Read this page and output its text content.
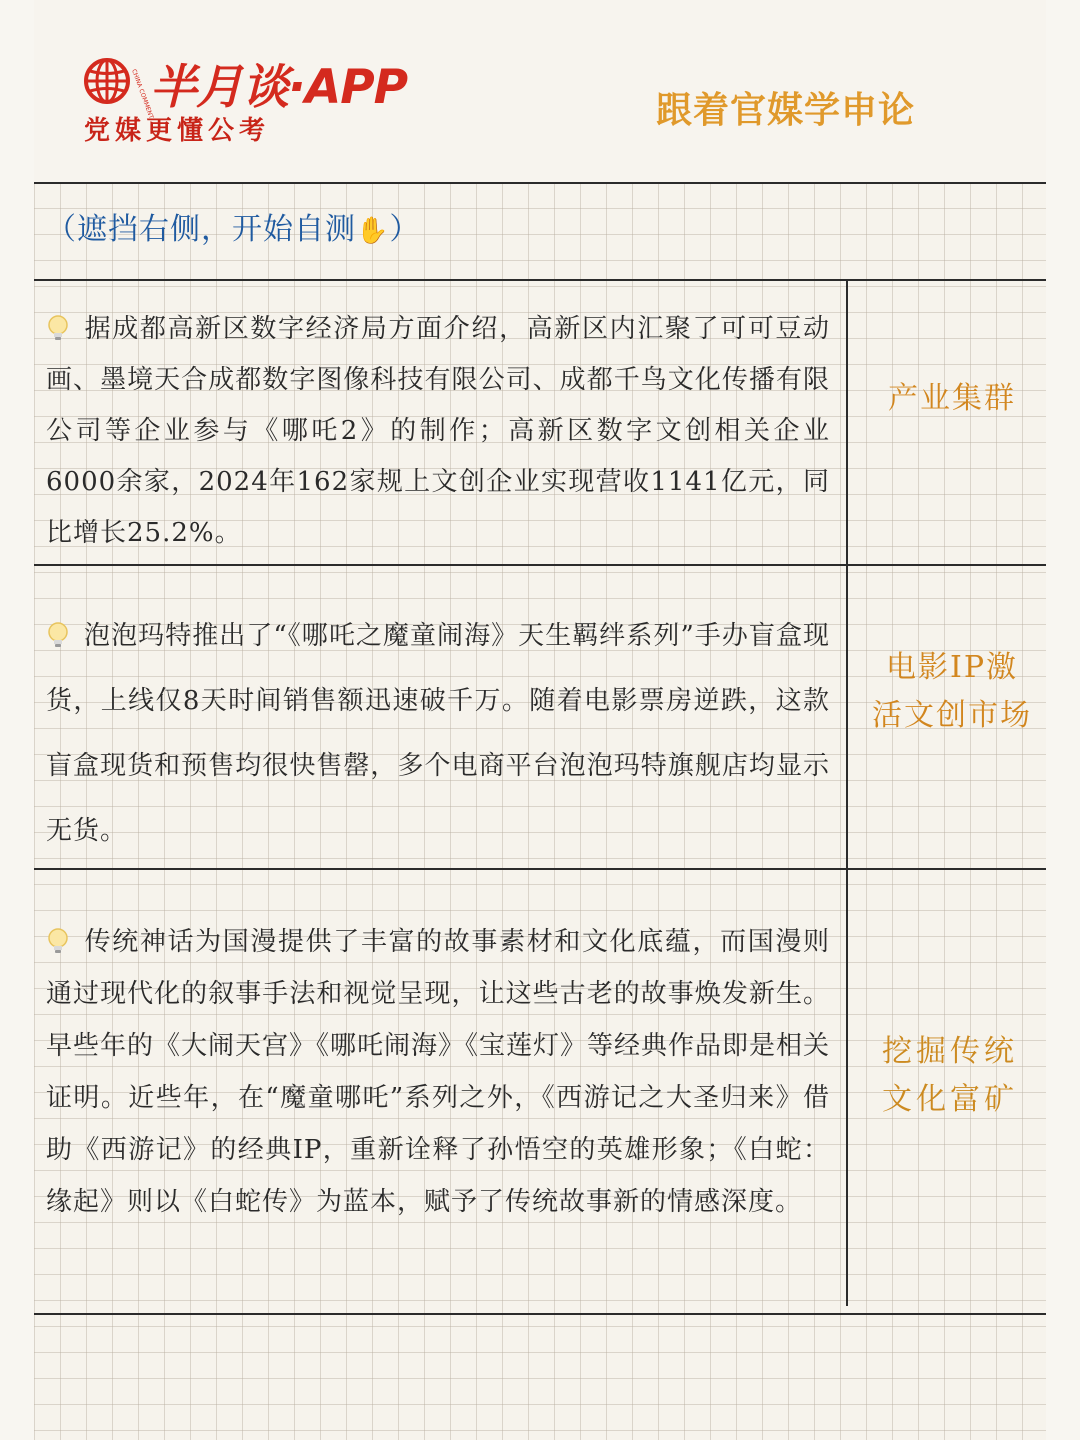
CHINA COMMENT
半月谈·APP
党媒更懂公考	跟着官媒学申论
（遮挡右侧，开始自测✋）
据成都高新区数字经济局方面介绍，高新区内汇聚了可可豆动画、墨境天合成都数字图像科技有限公司、成都千鸟文化传播有限公司等企业参与《哪吒2》的制作；高新区数字文创相关企业6000余家，2024年162家规上文创企业实现营收1141亿元，同比增长25.2%。
产业集群
泡泡玛特推出了“《哪吒之魔童闹海》天生羁绊系列”手办盲盒现货，上线仅8天时间销售额迅速破千万。随着电影票房逆跌，这款盲盒现货和预售均很快售罄，多个电商平台泡泡玛特旗舰店均显示无货。
电影IP激活文创市场
传统神话为国漫提供了丰富的故事素材和文化底蕴，而国漫则通过现代化的叙事手法和视觉呈现，让这些古老的故事焕发新生。早些年的《大闹天宫》《哪吒闹海》《宝莲灯》等经典作品即是相关证明。近些年，在“魔童哪吒”系列之外，《西游记之大圣归来》借助《西游记》的经典IP，重新诠释了孙悟空的英雄形象；《白蛇：缘起》则以《白蛇传》为蓝本，赋予了传统故事新的情感深度。
挖掘传统文化富矿
